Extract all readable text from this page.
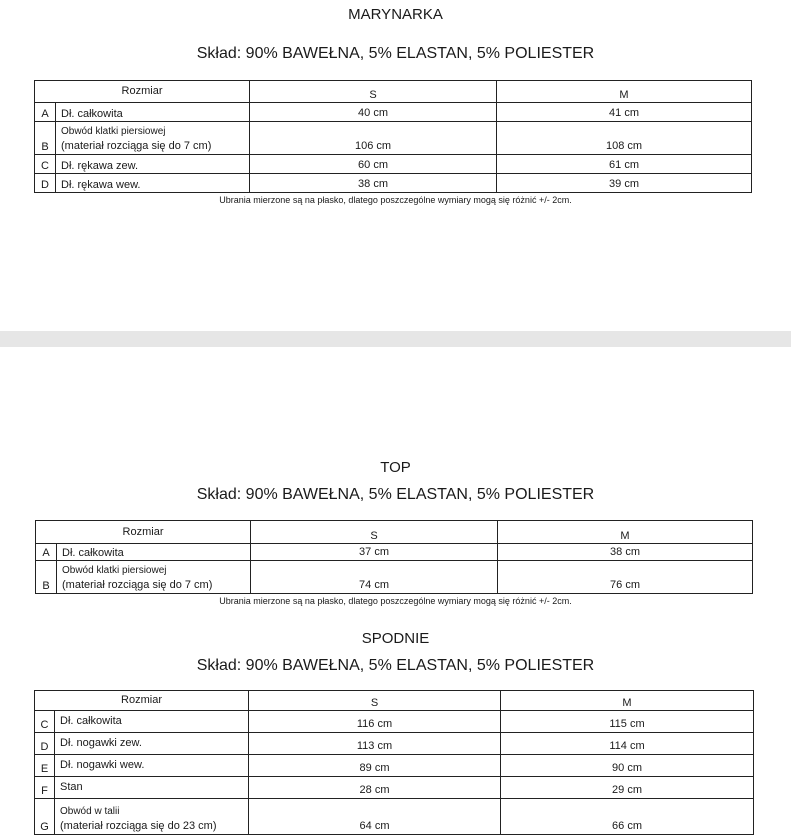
MARYNARKA
Skład: 90% BAWEŁNA, 5% ELASTAN, 5% POLIESTER
Rozmiar		S	M
A	Dł. całkowita	40 cm	41 cm
B	Obwód klatki piersiowej
(materiał rozciąga się do 7 cm)	106 cm	108 cm
C	Dł. rękawa zew.	60 cm	61 cm
D	Dł. rękawa wew.	38 cm	39 cm
Ubrania mierzone są na płasko, dlatego poszczególne wymiary mogą się różnić +/- 2cm.
TOP
Skład: 90% BAWEŁNA, 5% ELASTAN, 5% POLIESTER
Rozmiar		S	M
A	Dł. całkowita	37 cm	38 cm
B	Obwód klatki piersiowej
(materiał rozciąga się do 7 cm)	74 cm	76 cm
Ubrania mierzone są na płasko, dlatego poszczególne wymiary mogą się różnić +/- 2cm.
SPODNIE
Skład: 90% BAWEŁNA, 5% ELASTAN, 5% POLIESTER
Rozmiar		S	M
C	Dł. całkowita	116 cm	115 cm
D	Dł. nogawki zew.	113 cm	114 cm
E	Dł. nogawki wew.	89 cm	90 cm
F	Stan	28 cm	29 cm
G	Obwód w talii
(materiał rozciąga się do 23 cm)	64 cm	66 cm
